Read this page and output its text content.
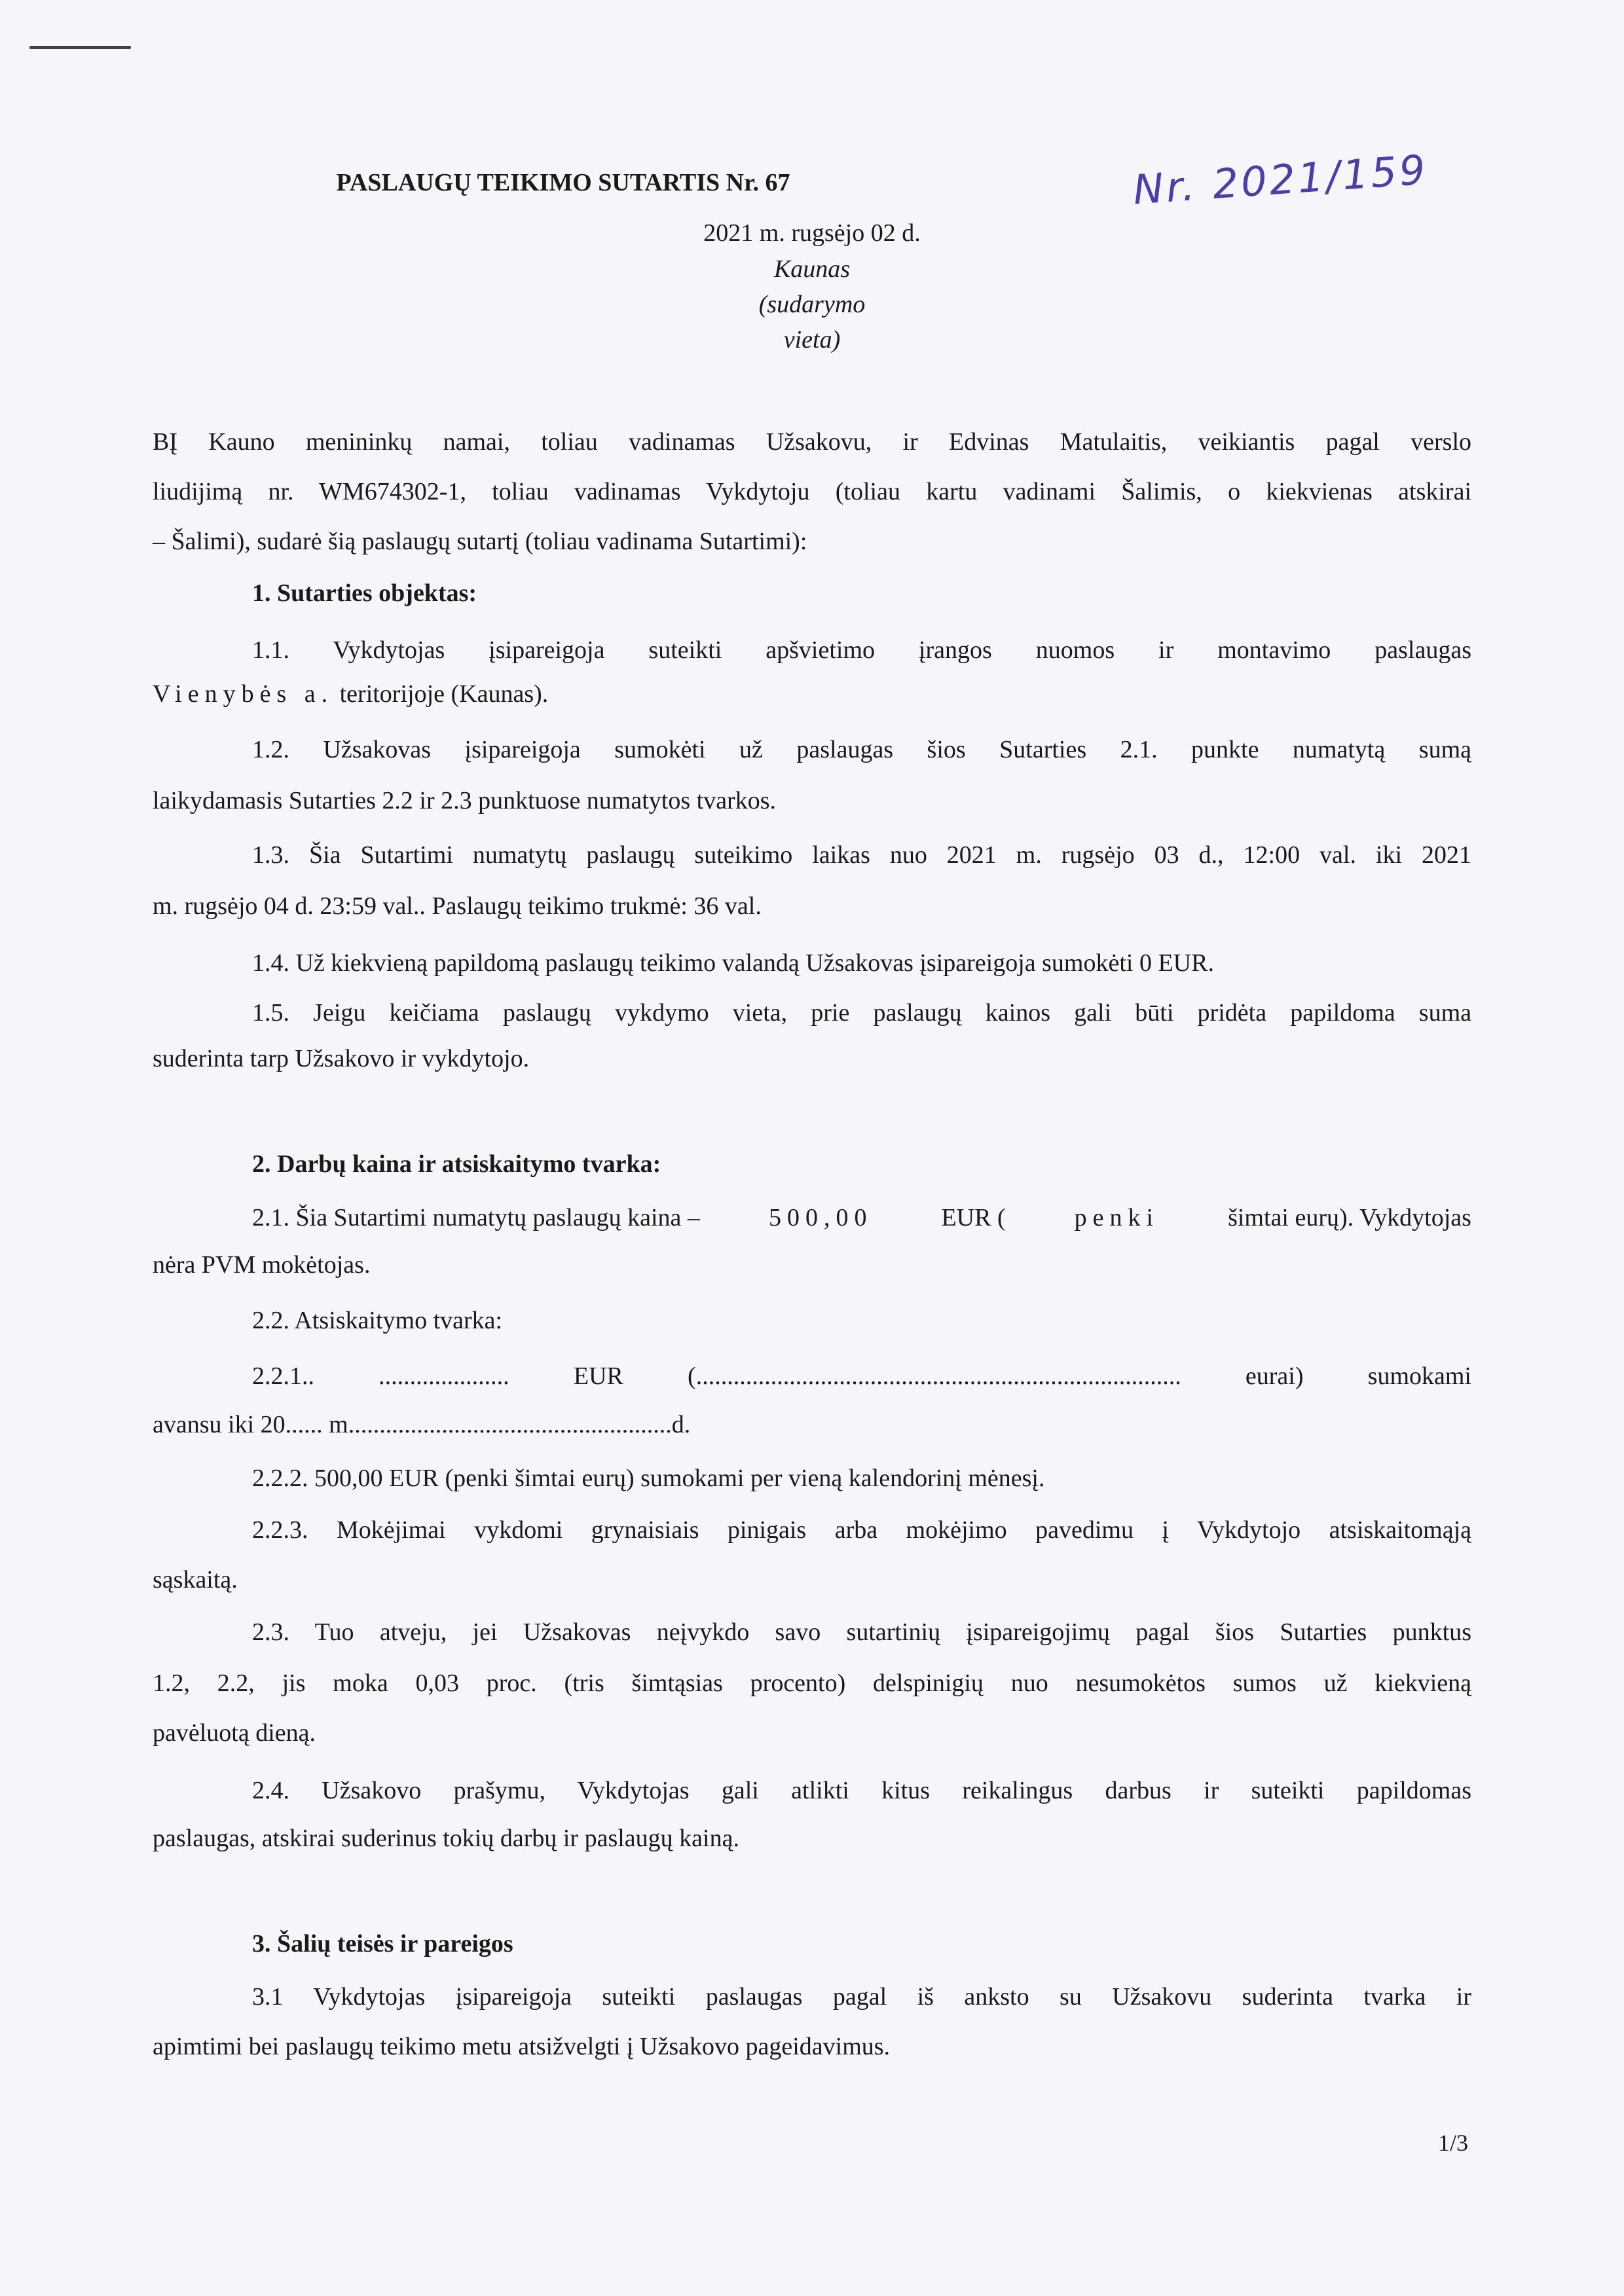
PASLAUGŲ TEIKIMO SUTARTIS Nr. 67	Nr. 2021/159
2021 m. rugsėjo 02 d.
Kaunas
(sudarymo
vieta)
BĮ Kauno menininkų namai, toliau vadinamas Užsakovu, ir Edvinas Matulaitis, veikiantis pagal verslo
liudijimą nr. WM674302-1, toliau vadinamas Vykdytoju (toliau kartu vadinami Šalimis, o kiekvienas atskirai
– Šalimi), sudarė šią paslaugų sutartį (toliau vadinama Sutartimi):
1. Sutarties objektas:
1.1. Vykdytojas įsipareigoja suteikti apšvietimo įrangos nuomos ir montavimo paslaugas
Vienybės a. teritorijoje (Kaunas).
1.2. Užsakovas įsipareigoja sumokėti už paslaugas šios Sutarties 2.1. punkte numatytą sumą
laikydamasis Sutarties 2.2 ir 2.3 punktuose numatytos tvarkos.
1.3. Šia Sutartimi numatytų paslaugų suteikimo laikas nuo 2021 m. rugsėjo 03 d., 12:00 val. iki 2021
m. rugsėjo 04 d. 23:59 val.. Paslaugų teikimo trukmė: 36 val.
1.4. Už kiekvieną papildomą paslaugų teikimo valandą Užsakovas įsipareigoja sumokėti 0 EUR.
1.5. Jeigu keičiama paslaugų vykdymo vieta, prie paslaugų kainos gali būti pridėta papildoma suma
suderinta tarp Užsakovo ir vykdytojo.
2. Darbų kaina ir atsiskaitymo tvarka:
2.1. Šia Sutartimi numatytų paslaugų kaina –	500,00	EUR (	penki	šimtai eurų). Vykdytojas
nėra PVM mokėtojas.
2.2. Atsiskaitymo tvarka:
2.2.1.. ..................... EUR (.............................................................................. eurai) sumokami
avansu iki 20...... m....................................................d.
2.2.2. 500,00 EUR (penki šimtai eurų) sumokami per vieną kalendorinį mėnesį.
2.2.3. Mokėjimai vykdomi grynaisiais pinigais arba mokėjimo pavedimu į Vykdytojo atsiskaitomąją
sąskaitą.
2.3. Tuo atveju, jei Užsakovas neįvykdo savo sutartinių įsipareigojimų pagal šios Sutarties punktus
1.2, 2.2, jis moka 0,03 proc. (tris šimtąsias procento) delspinigių nuo nesumokėtos sumos už kiekvieną
pavėluotą dieną.
2.4. Užsakovo prašymu, Vykdytojas gali atlikti kitus reikalingus darbus ir suteikti papildomas
paslaugas, atskirai suderinus tokių darbų ir paslaugų kainą.
3. Šalių teisės ir pareigos
3.1 Vykdytojas įsipareigoja suteikti paslaugas pagal iš anksto su Užsakovu suderinta tvarka ir
apimtimi bei paslaugų teikimo metu atsižvelgti į Užsakovo pageidavimus.
1/3
